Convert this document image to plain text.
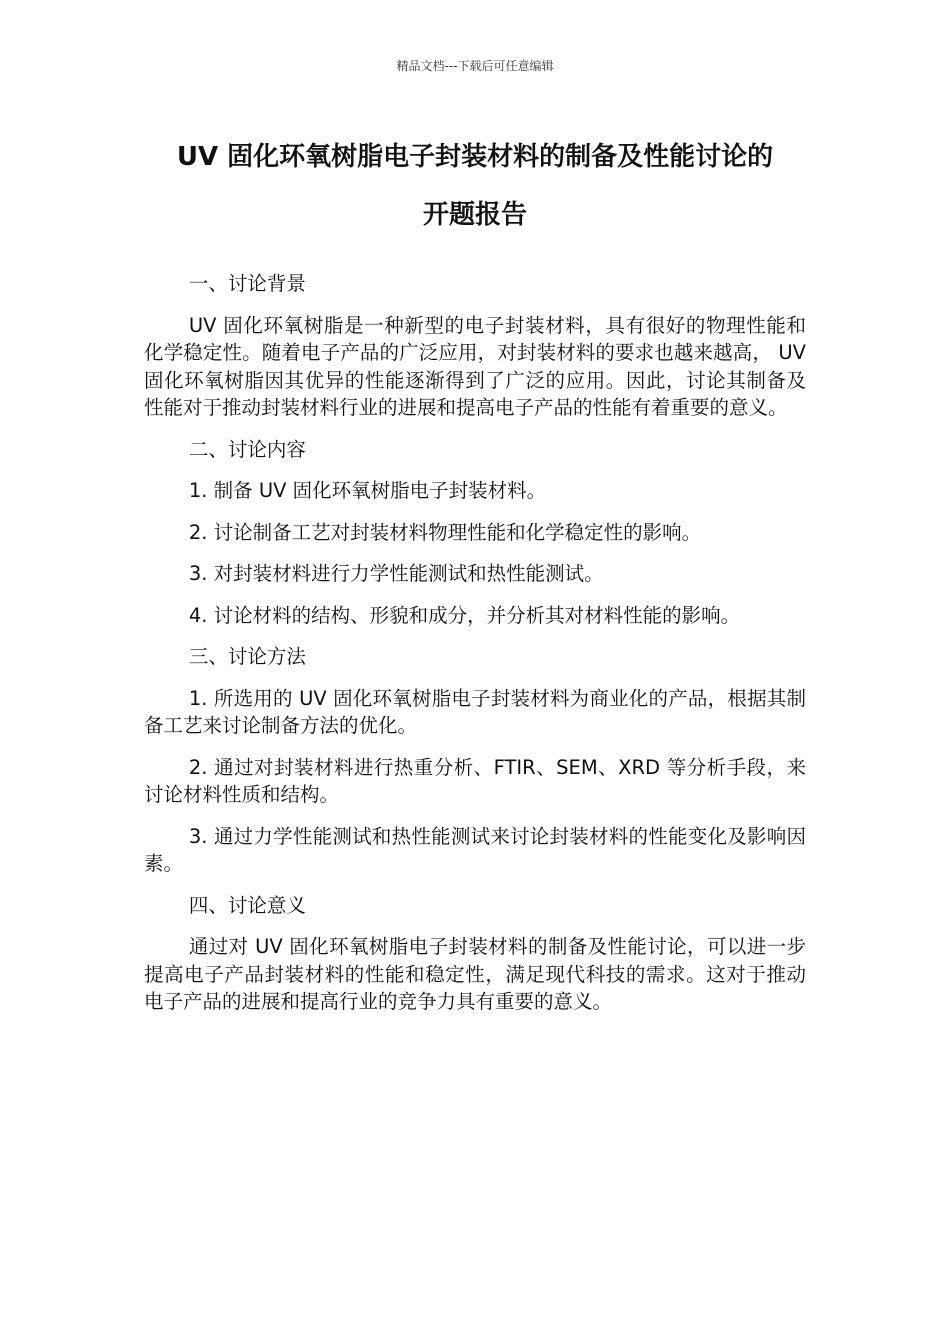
精品文档---下载后可任意编辑
UV 固化环氧树脂电子封装材料的制备及性能讨论的
开题报告
一、讨论背景
UV 固化环氧树脂是一种新型的电子封装材料，具有很好的物理性能和化学稳定性。随着电子产品的广泛应用，对封装材料的要求也越来越高， UV 固化环氧树脂因其优异的性能逐渐得到了广泛的应用。因此，讨论其制备及性能对于推动封装材料行业的进展和提高电子产品的性能有着重要的意义。
二、讨论内容
1. 制备 UV 固化环氧树脂电子封装材料。
2. 讨论制备工艺对封装材料物理性能和化学稳定性的影响。
3. 对封装材料进行力学性能测试和热性能测试。
4. 讨论材料的结构、形貌和成分，并分析其对材料性能的影响。
三、讨论方法
1. 所选用的 UV 固化环氧树脂电子封装材料为商业化的产品，根据其制备工艺来讨论制备方法的优化。
2. 通过对封装材料进行热重分析、FTIR、SEM、XRD 等分析手段，来讨论材料性质和结构。
3. 通过力学性能测试和热性能测试来讨论封装材料的性能变化及影响因素。
四、讨论意义
通过对 UV 固化环氧树脂电子封装材料的制备及性能讨论，可以进一步提高电子产品封装材料的性能和稳定性，满足现代科技的需求。这对于推动电子产品的进展和提高行业的竞争力具有重要的意义。
